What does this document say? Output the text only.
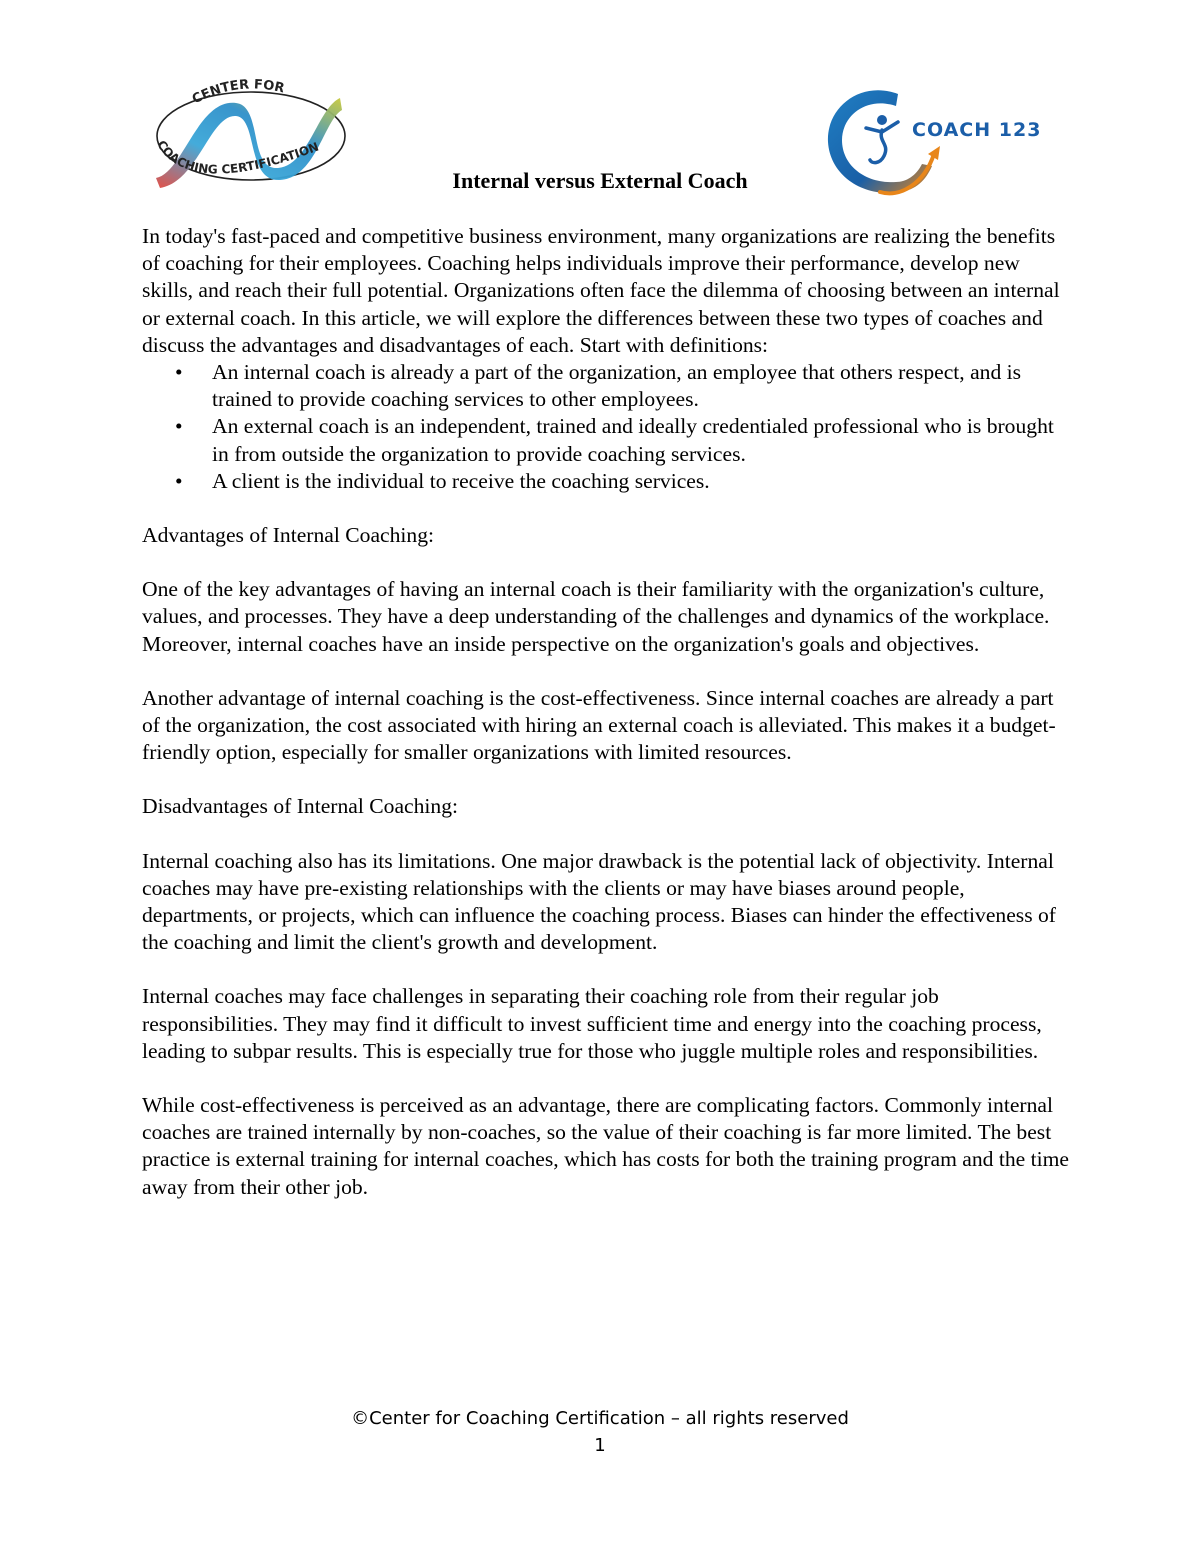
CENTER FOR
COACHING CERTIFICATION
COACH 123
Internal versus External Coach

In today's fast-paced and competitive business environment, many organizations are realizing the benefits of coaching for their employees. Coaching helps individuals improve their performance, develop new skills, and reach their full potential. Organizations often face the dilemma of choosing between an internal or external coach. In this article, we will explore the differences between these two types of coaches and discuss the advantages and disadvantages of each. Start with definitions:

• An internal coach is already a part of the organization, an employee that others respect, and is trained to provide coaching services to other employees.
• An external coach is an independent, trained and ideally credentialed professional who is brought in from outside the organization to provide coaching services.
• A client is the individual to receive the coaching services.

Advantages of Internal Coaching:

One of the key advantages of having an internal coach is their familiarity with the organization's culture, values, and processes. They have a deep understanding of the challenges and dynamics of the workplace. Moreover, internal coaches have an inside perspective on the organization's goals and objectives.

Another advantage of internal coaching is the cost-effectiveness. Since internal coaches are already a part of the organization, the cost associated with hiring an external coach is alleviated. This makes it a budget-friendly option, especially for smaller organizations with limited resources.

Disadvantages of Internal Coaching:

Internal coaching also has its limitations. One major drawback is the potential lack of objectivity. Internal coaches may have pre-existing relationships with the clients or may have biases around people, departments, or projects, which can influence the coaching process. Biases can hinder the effectiveness of the coaching and limit the client's growth and development.

Internal coaches may face challenges in separating their coaching role from their regular job responsibilities. They may find it difficult to invest sufficient time and energy into the coaching process, leading to subpar results. This is especially true for those who juggle multiple roles and responsibilities.

While cost-effectiveness is perceived as an advantage, there are complicating factors. Commonly internal coaches are trained internally by non-coaches, so the value of their coaching is far more limited. The best practice is external training for internal coaches, which has costs for both the training program and the time away from their other job.

©Center for Coaching Certification – all rights reserved
1
